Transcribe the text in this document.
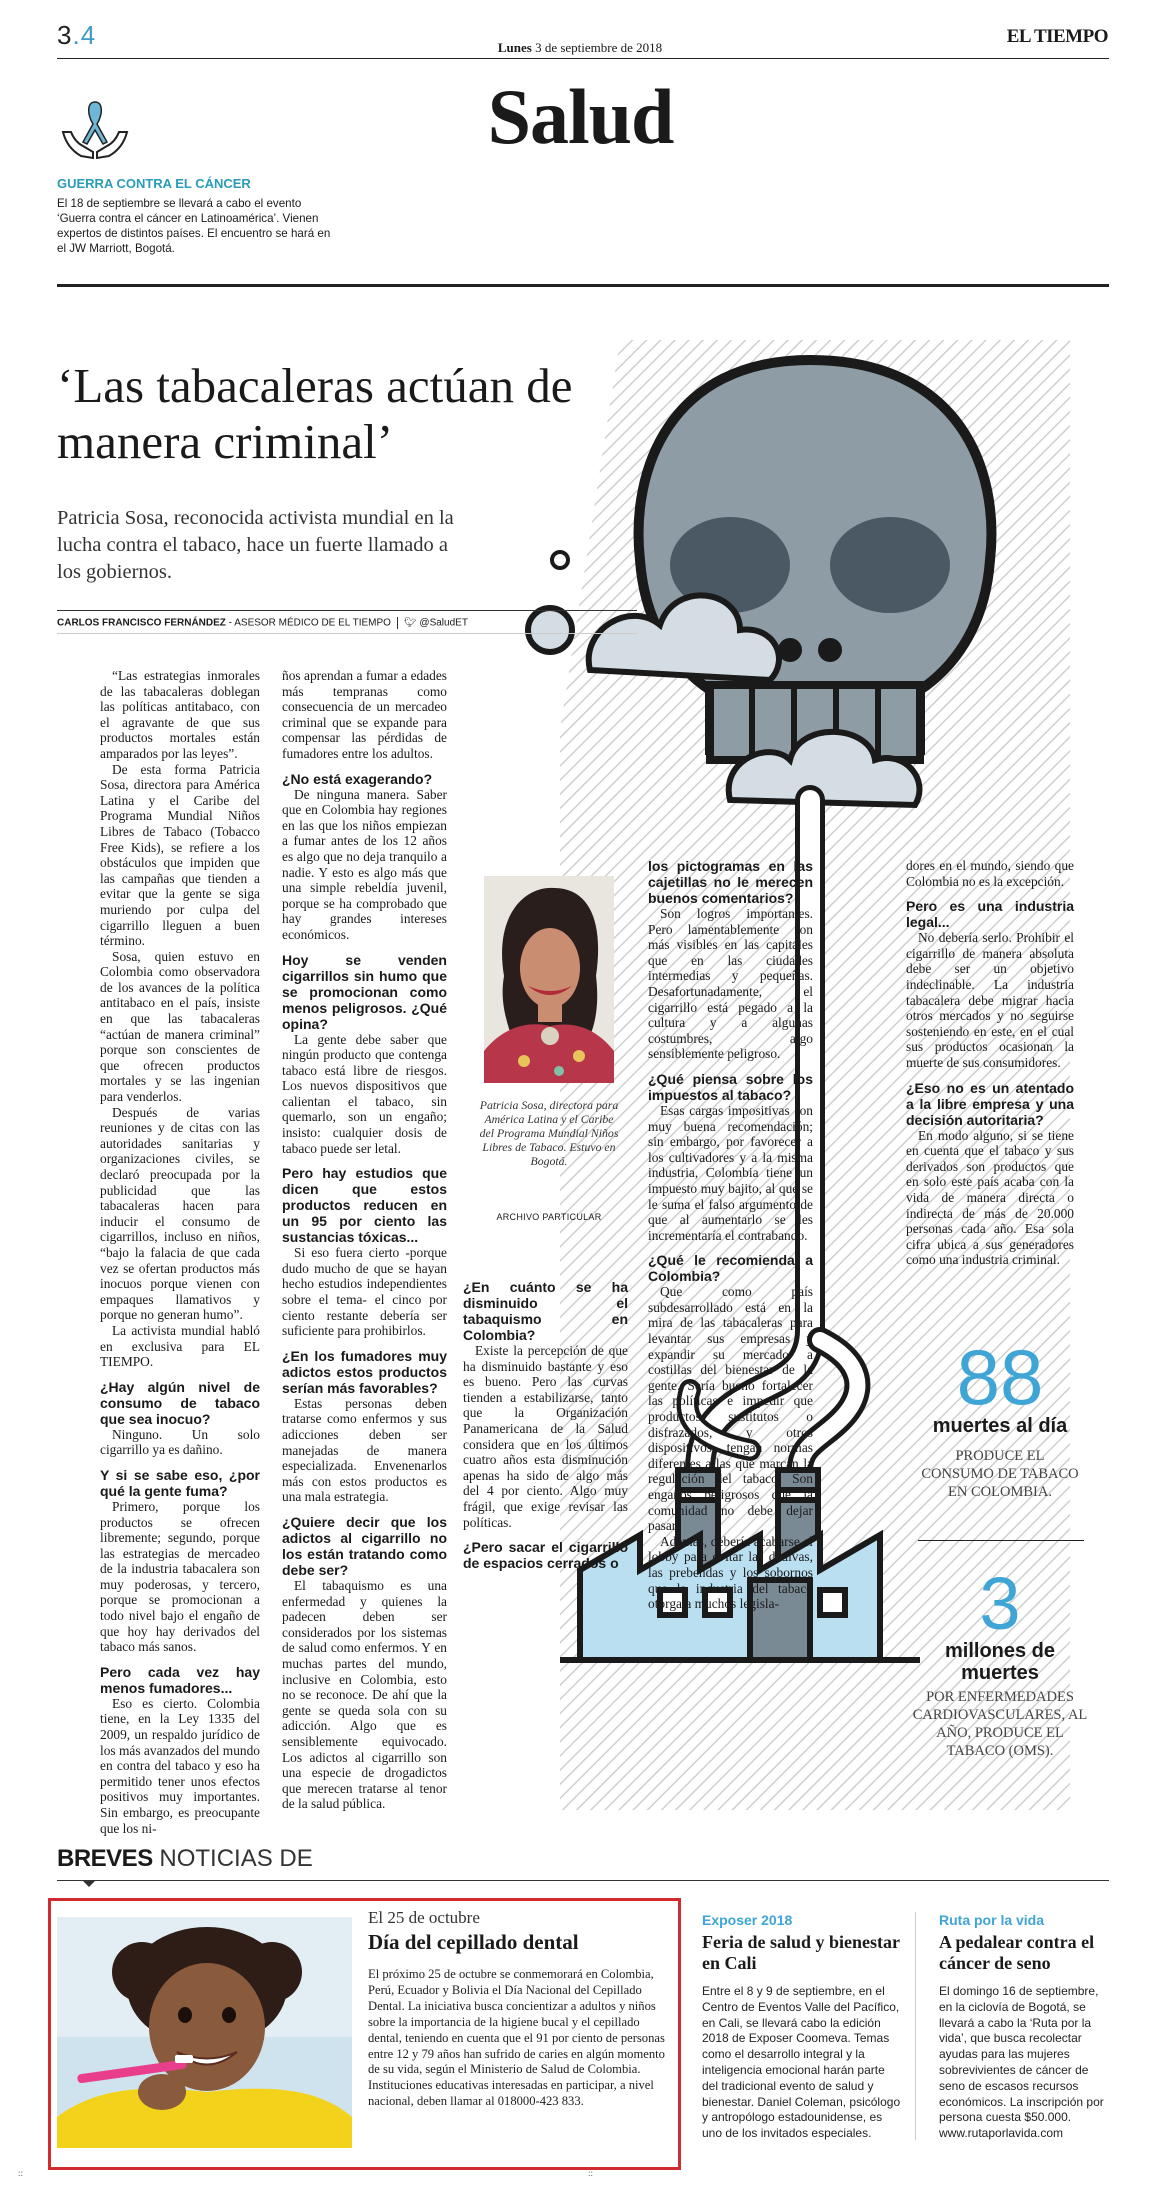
3.4	Lunes 3 de septiembre de 2018
EL TIEMPO
Salud
GUERRA CONTRA EL CÁNCER
El 18 de septiembre se llevará a cabo el evento ‘Guerra contra el cáncer en Latinoamérica’. Vienen expertos de distintos países. El encuentro se hará en el JW Marriott, Bogotá.
‘Las tabacaleras actúan de manera criminal’
Patricia Sosa, reconocida activista mundial en la lucha contra el tabaco, hace un fuerte llamado a los gobiernos.
CARLOS FRANCISCO FERNÁNDEZ - ASESOR MÉDICO DE EL TIEMPO 🐦︎ @SaludET

“Las estrategias inmorales de las tabacaleras doblegan las políticas antitabaco, con el agravante de que sus productos mortales están amparados por las leyes”.

De esta forma Patricia Sosa, directora para América Latina y el Caribe del Programa Mundial Niños Libres de Tabaco (Tobacco Free Kids), se refiere a los obstáculos que impiden que las campañas que tienden a evitar que la gente se siga muriendo por culpa del cigarrillo lleguen a buen término.

Sosa, quien estuvo en Colombia como observadora de los avances de la política antitabaco en el país, insiste en que las tabacaleras “actúan de manera criminal” porque son conscientes de que ofrecen productos mortales y se las ingenian para venderlos.

Después de varias reuniones y de citas con las autoridades sanitarias y organizaciones civiles, se declaró preocupada por la publicidad que las tabacaleras hacen para inducir el consumo de cigarrillos, incluso en niños, “bajo la falacia de que cada vez se ofertan productos más inocuos porque vienen con empaques llamativos y porque no generan humo”.

La activista mundial habló en exclusiva para EL TIEMPO.

¿Hay algún nivel de consumo de tabaco que sea inocuo?

Ninguno. Un solo cigarrillo ya es dañino.

Y si se sabe eso, ¿por qué la gente fuma?

Primero, porque los productos se ofrecen libremente; segundo, porque las estrategias de mercadeo de la industria tabacalera son muy poderosas, y tercero, porque se promocionan a todo nivel bajo el engaño de que hoy hay derivados del tabaco más sanos.

Pero cada vez hay menos fumadores...

Eso es cierto. Colombia tiene, en la Ley 1335 del 2009, un respaldo jurídico de los más avanzados del mundo en contra del tabaco y eso ha permitido tener unos efectos positivos muy importantes. Sin embargo, es preocupante que los ni-

ños aprendan a fumar a edades más tempranas como consecuencia de un mercadeo criminal que se expande para compensar las pérdidas de fumadores entre los adultos.

¿No está exagerando?

De ninguna manera. Saber que en Colombia hay regiones en las que los niños empiezan a fumar antes de los 12 años es algo que no deja tranquilo a nadie. Y esto es algo más que una simple rebeldía juvenil, porque se ha comprobado que hay grandes intereses económicos.

Hoy se venden cigarrillos sin humo que se promocionan como menos peligrosos. ¿Qué opina?

La gente debe saber que ningún producto que contenga tabaco está libre de riesgos. Los nuevos dispositivos que calientan el tabaco, sin quemarlo, son un engaño; insisto: cualquier dosis de tabaco puede ser letal.

Pero hay estudios que dicen que estos productos reducen en un 95 por ciento las sustancias tóxicas...

Si eso fuera cierto -porque dudo mucho de que se hayan hecho estudios independientes sobre el tema- el cinco por ciento restante debería ser suficiente para prohibirlos.

¿En los fumadores muy adictos estos productos serían más favorables?

Estas personas deben tratarse como enfermos y sus adicciones deben ser manejadas de manera especializada. Envenenarlos más con estos productos es una mala estrategia.

¿Quiere decir que los adictos al cigarrillo no los están tratando como debe ser?

El tabaquismo es una enfermedad y quienes la padecen deben ser considerados por los sistemas de salud como enfermos. Y en muchas partes del mundo, inclusive en Colombia, esto no se reconoce. De ahí que la gente se queda sola con su adicción. Algo que es sensiblemente equivocado. Los adictos al cigarrillo son una especie de drogadictos que merecen tratarse al tenor de la salud pública.

¿En cuánto se ha disminuido el tabaquismo en Colombia?

Existe la percepción de que ha disminuido bastante y eso es bueno. Pero las curvas tienden a estabilizarse, tanto que la Organización Panamericana de la Salud considera que en los últimos cuatro años esta disminución apenas ha sido de algo más del 4 por ciento. Algo muy frágil, que exige revisar las políticas.

¿Pero sacar el cigarrillo de espacios cerrados o
los pictogramas en las cajetillas no le merecen buenos comentarios?

Son logros importantes. Pero lamentablemente son más visibles en las capitales que en las ciudades intermedias y pequeñas. Desafortunadamente, el cigarrillo está pegado a la cultura y a algunas costumbres, algo sensiblemente peligroso.

¿Qué piensa sobre los impuestos al tabaco?

Esas cargas impositivas son muy buena recomendación; sin embargo, por favorecer a los cultivadores y a la misma industria, Colombia tiene un impuesto muy bajito, al que se le suma el falso argumento de que al aumentarlo se les incrementaría el contrabando.

¿Qué le recomienda a Colombia?

Que como país subdesarrollado está en la mira de las tabacaleras para levantar sus empresas y expandir su mercado a costillas del bienestar de la gente. Sería bueno fortalecer las políticas e impedir que productos sustitutos o disfrazados, y otros dispositivos, tengan normas diferentes a las que marcan la regulación del tabaco. Son engaños peligrosos que la comunidad no debe dejar pasar.

Además, debería acabarse el lobby para evitar las dádivas, las prebendas y los sobornos que la industria del tabaco otorga a muchos legisla-

dores en el mundo, siendo que Colombia no es la excepción.

Pero es una industria legal...

No debería serlo. Prohibir el cigarrillo de manera absoluta debe ser un objetivo indeclinable. La industria tabacalera debe migrar hacia otros mercados y no seguirse sosteniendo en este, en el cual sus productos ocasionan la muerte de sus consumidores.

¿Eso no es un atentado a la libre empresa y una decisión autoritaria?

En modo alguno, si se tiene en cuenta que el tabaco y sus derivados son productos que en solo este país acaba con la vida de manera directa o indirecta de más de 20.000 personas cada año. Esa sola cifra ubica a sus generadores como una industria criminal.

Patricia Sosa, directora para América Latina y el Caribe del Programa Mundial Niños Libres de Tabaco. Estuvo en Bogotá.
ARCHIVO PARTICULAR
88
muertes al día
PRODUCE EL CONSUMO DE TABACO EN COLOMBIA.
3
millones de muertes
POR ENFERMEDADES CARDIOVASCULARES, AL AÑO, PRODUCE EL TABACO (OMS).
BREVES NOTICIAS DE
El 25 de octubre
Día del cepillado dental
El próximo 25 de octubre se conmemorará en Colombia, Perú, Ecuador y Bolivia el Día Nacional del Cepillado Dental. La iniciativa busca concientizar a adultos y niños sobre la importancia de la higiene bucal y el cepillado dental, teniendo en cuenta que el 91 por ciento de personas entre 12 y 79 años han sufrido de caries en algún momento de su vida, según el Ministerio de Salud de Colombia. Instituciones educativas interesadas en participar, a nivel nacional, deben llamar al 018000-423 833.
Exposer 2018
Feria de salud y bienestar en Cali
Entre el 8 y 9 de septiembre, en el Centro de Eventos Valle del Pacífico, en Cali, se llevará cabo la edición 2018 de Exposer Coomeva. Temas como el desarrollo integral y la inteligencia emocional harán parte del tradicional evento de salud y bienestar. Daniel Coleman, psicólogo y antropólogo estadounidense, es uno de los invitados especiales.
Ruta por la vida
A pedalear contra el cáncer de seno
El domingo 16 de septiembre, en la ciclovía de Bogotá, se llevará a cabo la ‘Ruta por la vida’, que busca recolectar ayudas para las mujeres sobrevivientes de cáncer de seno de escasos recursos económicos. La inscripción por persona cuesta $50.000. www.rutaporlavida.com
::	::
